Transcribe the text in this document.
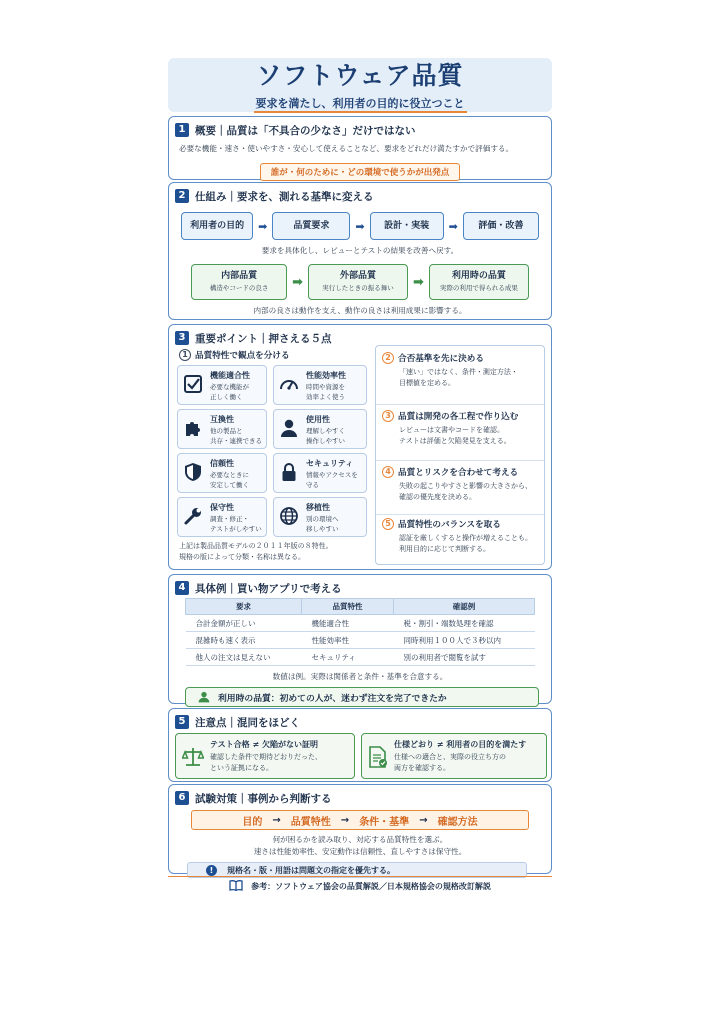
ソフトウェア品質
要求を満たし、利用者の目的に役立つこと
1 概要｜品質は「不具合の少なさ」だけではない
必要な機能・速さ・使いやすさ・安心して使えることなど、要求をどれだけ満たすかで評価する。
誰が・何のために・どの環境で使うかが出発点
2 仕組み｜要求を、測れる基準に変える
利用者の目的	➡	品質要求	➡	設計・実装	➡	評価・改善
要求を具体化し、レビューとテストの結果を改善へ戻す。
内部品質
構造やコードの良さ	➡	外部品質
実行したときの振る舞い	➡	利用時の品質
実際の利用で得られる成果
内部の良さは動作を支え、動作の良さは利用成果に影響する。
3 重要ポイント｜押さえる５点
1 品質特性で観点を分ける
機能適合性
必要な機能が
正しく働く
性能効率性
時間や資源を
効率よく使う
互換性
他の製品と
共存・連携できる
使用性
理解しやすく
操作しやすい
信頼性
必要なときに
安定して働く
セキュリティ
情報やアクセスを
守る
保守性
調査・修正・
テストがしやすい
移植性
別の環境へ
移しやすい
上記は製品品質モデルの２０１１年版の８特性。
規格の版によって分類・名称は異なる。
2 合否基準を先に決める
「速い」ではなく、条件・測定方法・
目標値を定める。
3 品質は開発の各工程で作り込む
レビューは文書やコードを確認。
テストは評価と欠陥発見を支える。
4 品質とリスクを合わせて考える
失敗の起こりやすさと影響の大きさから、
確認の優先度を決める。
5 品質特性のバランスを取る
認証を厳しくすると操作が増えることも。
利用目的に応じて判断する。
4 具体例｜買い物アプリで考える
要求	品質特性	確認例
合計金額が正しい	機能適合性	税・割引・端数処理を確認
混雑時も速く表示	性能効率性	同時利用１００人で３秒以内
他人の注文は見えない	セキュリティ	別の利用者で閲覧を試す
数値は例。実際は関係者と条件・基準を合意する。
利用時の品質：初めての人が、迷わず注文を完了できたか
5 注意点｜混同をほどく
テスト合格 ≠ 欠陥がない証明
確認した条件で期待どおりだった、
という証拠になる。
仕様どおり ≠ 利用者の目的を満たす
仕様への適合と、実際の役立ち方の
両方を確認する。
6 試験対策｜事例から判断する
目的 → 品質特性 → 条件・基準 → 確認方法
何が困るかを読み取り、対応する品質特性を選ぶ。
速さは性能効率性、安定動作は信頼性、直しやすさは保守性。
!	規格名・版・用語は問題文の指定を優先する。
参考：ソフトウェア協会の品質解説／日本規格協会の規格改訂解説
